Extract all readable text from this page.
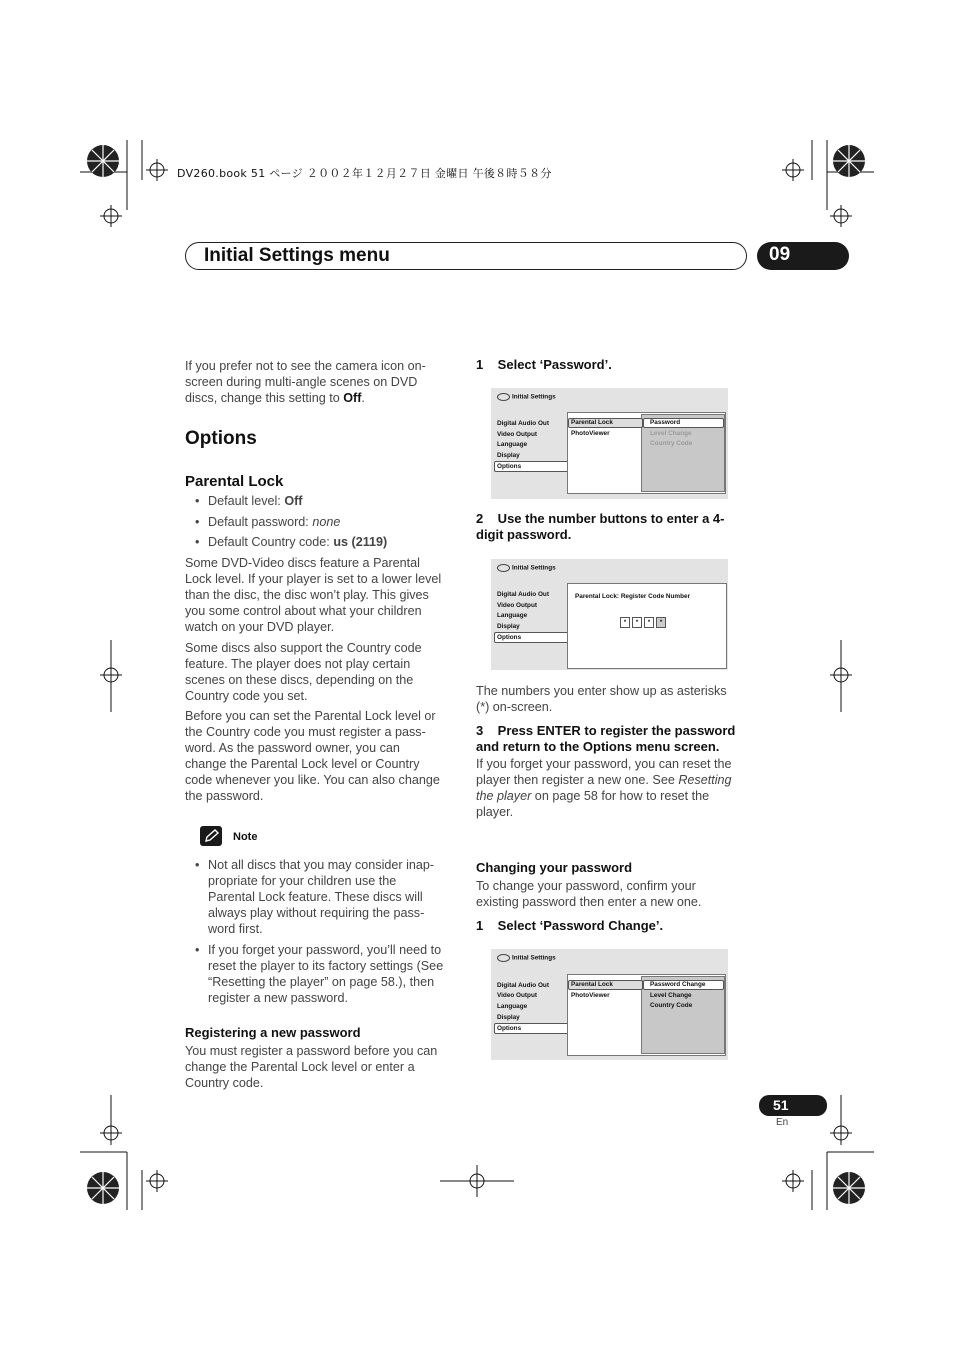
DV260.book 51 ページ ２００２年１２月２７日 金曜日 午後８時５８分
Initial Settings menu	09
If you prefer not to see the camera icon on-
screen during multi-angle scenes on DVD
discs, change this setting to Off.
Options
Parental Lock
• Default level: Off
• Default password: none
• Default Country code: us (2119)
Some DVD-Video discs feature a Parental
Lock level. If your player is set to a lower level
than the disc, the disc won’t play. This gives
you some control about what your children
watch on your DVD player.
Some discs also support the Country code
feature. The player does not play certain
scenes on these discs, depending on the
Country code you set.
Before you can set the Parental Lock level or
the Country code you must register a pass-
word. As the password owner, you can
change the Parental Lock level or Country
code whenever you like. You can also change
the password.
Note
• Not all discs that you may consider inap-
propriate for your children use the
Parental Lock feature. These discs will
always play without requiring the pass-
word first.
• If you forget your password, you’ll need to
reset the player to its factory settings (See
“Resetting the player” on page 58.), then
register a new password.
Registering a new password
You must register a password before you can
change the Parental Lock level or enter a
Country code.
1    Select ‘Password’.
Initial Settings
Digital Audio Out
Video Output
Language
Display
Options
Parental Lock
PhotoViewer
Password
Level Change
Country Code
2    Use the number buttons to enter a 4-
digit password.
Initial Settings
Digital Audio Out
Video Output
Language
Display
Options
Parental Lock: Register Code Number
*	*	*	*
The numbers you enter show up as asterisks
(*) on-screen.
3    Press ENTER to register the password
and return to the Options menu screen.
If you forget your password, you can reset the
player then register a new one. See Resetting
the player on page 58 for how to reset the
player.
Changing your password
To change your password, confirm your
existing password then enter a new one.
1    Select ‘Password Change’.
Initial Settings
Digital Audio Out
Video Output
Language
Display
Options
Parental Lock
PhotoViewer
Password Change
Level Change
Country Code
51
En
